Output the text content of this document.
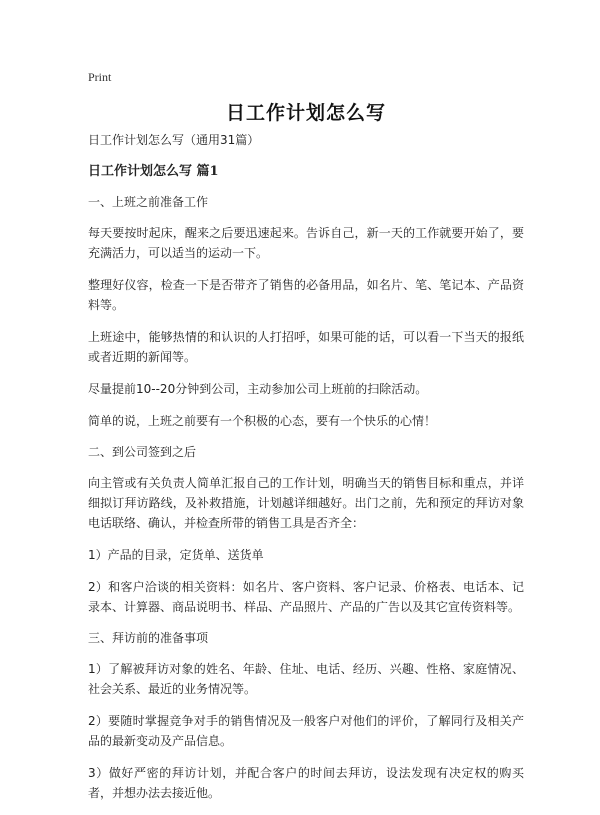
Print
日工作计划怎么写
日工作计划怎么写（通用31篇）
日工作计划怎么写 篇1
一、上班之前准备工作
每天要按时起床，醒来之后要迅速起来。告诉自己，新一天的工作就要开始了，要充满活力，可以适当的运动一下。
整理好仪容，检查一下是否带齐了销售的必备用品，如名片、笔、笔记本、产品资料等。
上班途中，能够热情的和认识的人打招呼，如果可能的话，可以看一下当天的报纸或者近期的新闻等。
尽量提前10--20分钟到公司，主动参加公司上班前的扫除活动。
简单的说，上班之前要有一个积极的心态，要有一个快乐的心情！
二、到公司签到之后
向主管或有关负责人简单汇报自己的工作计划，明确当天的销售目标和重点，并详细拟订拜访路线，及补救措施，计划越详细越好。出门之前，先和预定的拜访对象电话联络、确认，并检查所带的销售工具是否齐全：
1）产品的目录，定货单、送货单
2）和客户洽谈的相关资料：如名片、客户资料、客户记录、价格表、电话本、记录本、计算器、商品说明书、样品、产品照片、产品的广告以及其它宣传资料等。
三、拜访前的准备事项
1）了解被拜访对象的姓名、年龄、住址、电话、经历、兴趣、性格、家庭情况、社会关系、最近的业务情况等。
2）要随时掌握竞争对手的销售情况及一般客户对他们的评价，了解同行及相关产品的最新变动及产品信息。
3）做好严密的拜访计划，并配合客户的时间去拜访，设法发现有决定权的购买者，并想办法去接近他。
